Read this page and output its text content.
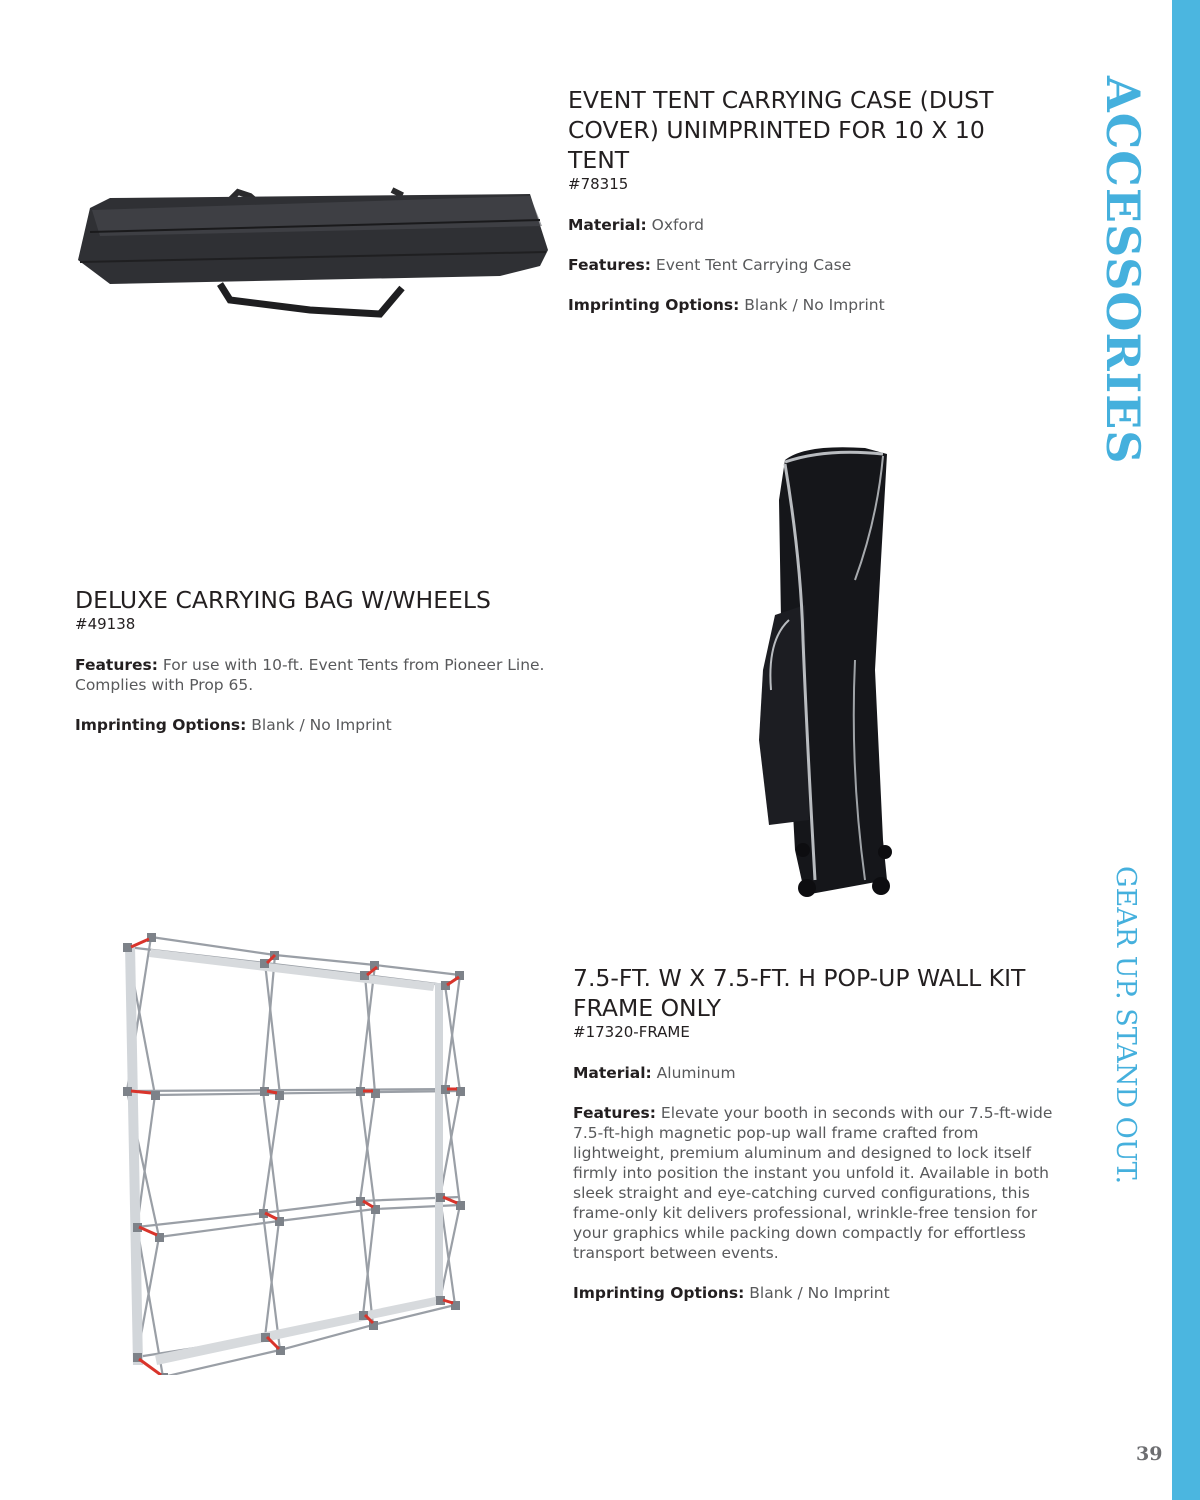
ACCESSORIES
GEAR UP. STAND OUT.
39
EVENT TENT CARRYING CASE (DUST COVER) UNIMPRINTED FOR 10 X 10 TENT
#78315
Material: Oxford
Features: Event Tent Carrying Case
Imprinting Options: Blank / No Imprint
DELUXE CARRYING BAG W/WHEELS
#49138
Features: For use with 10-ft. Event Tents from Pioneer Line. Complies with Prop 65.
Imprinting Options: Blank / No Imprint
7.5-FT. W X 7.5-FT. H POP-UP WALL KIT FRAME ONLY
#17320-FRAME
Material: Aluminum
Features: Elevate your booth in seconds with our 7.5-ft-wide 7.5-ft-high magnetic pop-up wall frame crafted from lightweight, premium aluminum and designed to lock itself firmly into position the instant you unfold it. Available in both sleek straight and eye-catching curved configurations, this frame-only kit delivers professional, wrinkle-free tension for your graphics while packing down compactly for effortless transport between events.
Imprinting Options: Blank / No Imprint
